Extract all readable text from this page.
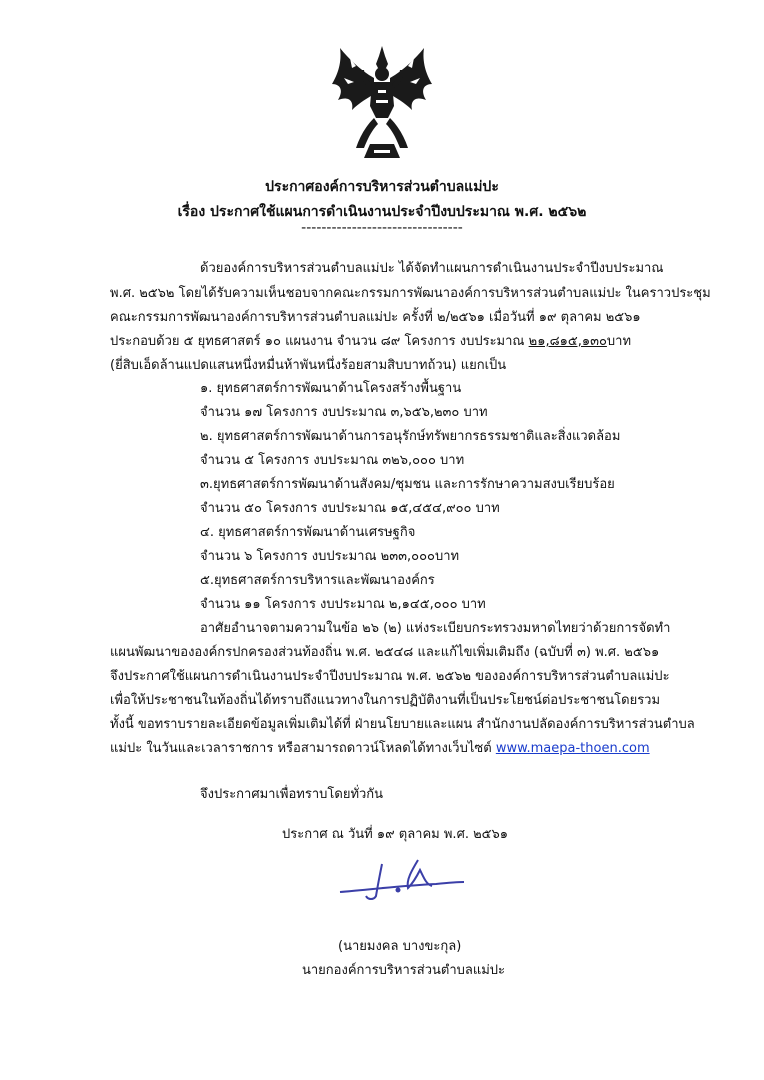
ประกาศองค์การบริหารส่วนตำบลแม่ปะ
เรื่อง ประกาศใช้แผนการดำเนินงานประจำปีงบประมาณ พ.ศ. ๒๕๖๒
--------------------------------
ด้วยองค์การบริหารส่วนตำบลแม่ปะ ได้จัดทำแผนการดำเนินงานประจำปีงบประมาณ
พ.ศ. ๒๕๖๒ โดยได้รับความเห็นชอบจากคณะกรรมการพัฒนาองค์การบริหารส่วนตำบลแม่ปะ ในคราวประชุม
คณะกรรมการพัฒนาองค์การบริหารส่วนตำบลแม่ปะ ครั้งที่ ๒/๒๕๖๑ เมื่อวันที่ ๑๙ ตุลาคม ๒๕๖๑
ประกอบด้วย ๕ ยุทธศาสตร์ ๑๐ แผนงาน จำนวน ๘๙ โครงการ งบประมาณ ๒๑,๘๑๕,๑๓๐บาท
(ยี่สิบเอ็ดล้านแปดแสนหนึ่งหมื่นห้าพันหนึ่งร้อยสามสิบบาทถ้วน) แยกเป็น
๑. ยุทธศาสตร์การพัฒนาด้านโครงสร้างพื้นฐาน
จำนวน ๑๗ โครงการ งบประมาณ ๓,๖๕๖,๒๓๐ บาท
๒. ยุทธศาสตร์การพัฒนาด้านการอนุรักษ์ทรัพยากรธรรมชาติและสิ่งแวดล้อม
จำนวน ๕ โครงการ งบประมาณ ๓๒๖,๐๐๐ บาท
๓.ยุทธศาสตร์การพัฒนาด้านสังคม/ชุมชน และการรักษาความสงบเรียบร้อย
จำนวน ๕๐ โครงการ งบประมาณ ๑๕,๔๕๔,๙๐๐ บาท
๔. ยุทธศาสตร์การพัฒนาด้านเศรษฐกิจ
จำนวน ๖ โครงการ งบประมาณ ๒๓๓,๐๐๐บาท
๕.ยุทธศาสตร์การบริหารและพัฒนาองค์กร
จำนวน ๑๑ โครงการ งบประมาณ ๒,๑๔๕,๐๐๐ บาท
อาศัยอำนาจตามความในข้อ ๒๖ (๒) แห่งระเบียบกระทรวงมหาดไทยว่าด้วยการจัดทำ
แผนพัฒนาขององค์กรปกครองส่วนท้องถิ่น พ.ศ. ๒๕๔๘ และแก้ไขเพิ่มเติมถึง (ฉบับที่ ๓) พ.ศ. ๒๕๖๑
จึงประกาศใช้แผนการดำเนินงานประจำปีงบประมาณ พ.ศ. ๒๕๖๒ ขององค์การบริหารส่วนตำบลแม่ปะ
เพื่อให้ประชาชนในท้องถิ่นได้ทราบถึงแนวทางในการปฏิบัติงานที่เป็นประโยชน์ต่อประชาชนโดยรวม
ทั้งนี้ ขอทราบรายละเอียดข้อมูลเพิ่มเติมได้ที่ ฝ่ายนโยบายและแผน สำนักงานปลัดองค์การบริหารส่วนตำบล
แม่ปะ ในวันและเวลาราชการ หรือสามารถดาวน์โหลดได้ทางเว็บไซต์ www.maepa-thoen.com
จึงประกาศมาเพื่อทราบโดยทั่วกัน
ประกาศ ณ วันที่ ๑๙ ตุลาคม พ.ศ. ๒๕๖๑
(นายมงคล บางขะกุล)
นายกองค์การบริหารส่วนตำบลแม่ปะ
